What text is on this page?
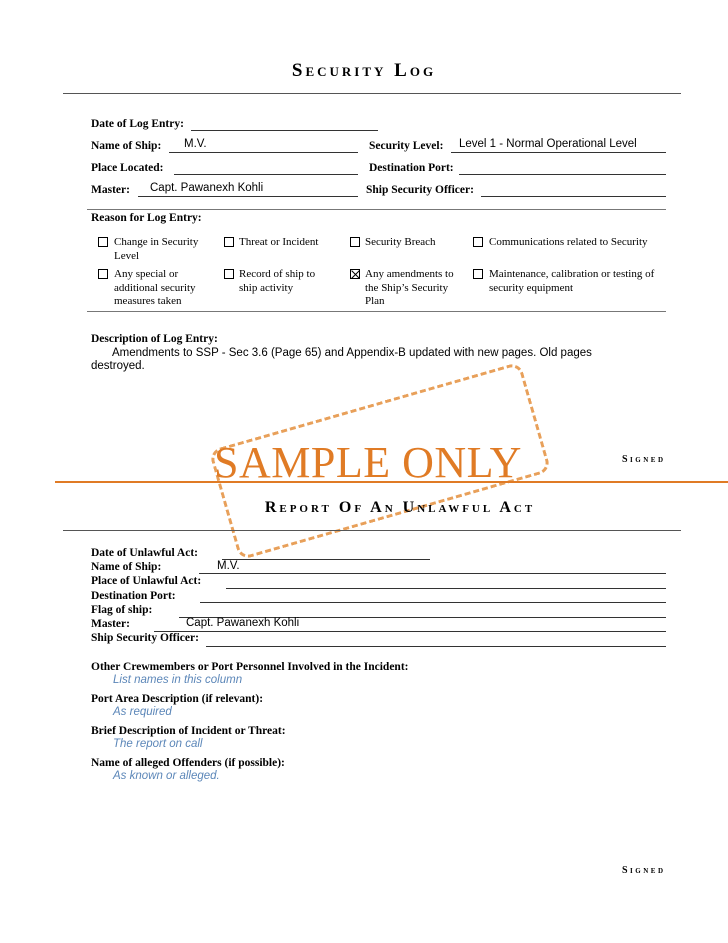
Security Log
Date of Log Entry:
Name of Ship: M.V.	Security Level: Level 1 - Normal Operational Level
Place Located:	Destination Port:
Master: Capt. Pawanexh Kohli	Ship Security Officer:
Reason for Log Entry:
Change in Security Level
Threat or Incident	Security Breach	Communications related to Security
Any special or additional security measures taken
Record of ship to ship activity
Any amendments to the Ship’s Security Plan
Maintenance, calibration or testing of security equipment
Description of Log Entry:
Amendments to SSP - Sec 3.6 (Page 65) and Appendix-B updated with new pages. Old pages destroyed.
Signed
SAMPLE ONLY
Report Of An Unlawful Act
Date of Unlawful Act:
Name of Ship:	M.V.
Place of Unlawful Act:
Destination Port:
Flag of ship:
Master:	Capt. Pawanexh Kohli
Ship Security Officer:
Other Crewmembers or Port Personnel Involved in the Incident:
List names in this column
Port Area Description (if relevant):
As required
Brief Description of Incident or Threat:
The report on call
Name of alleged Offenders (if possible):
As known or alleged.
Signed
